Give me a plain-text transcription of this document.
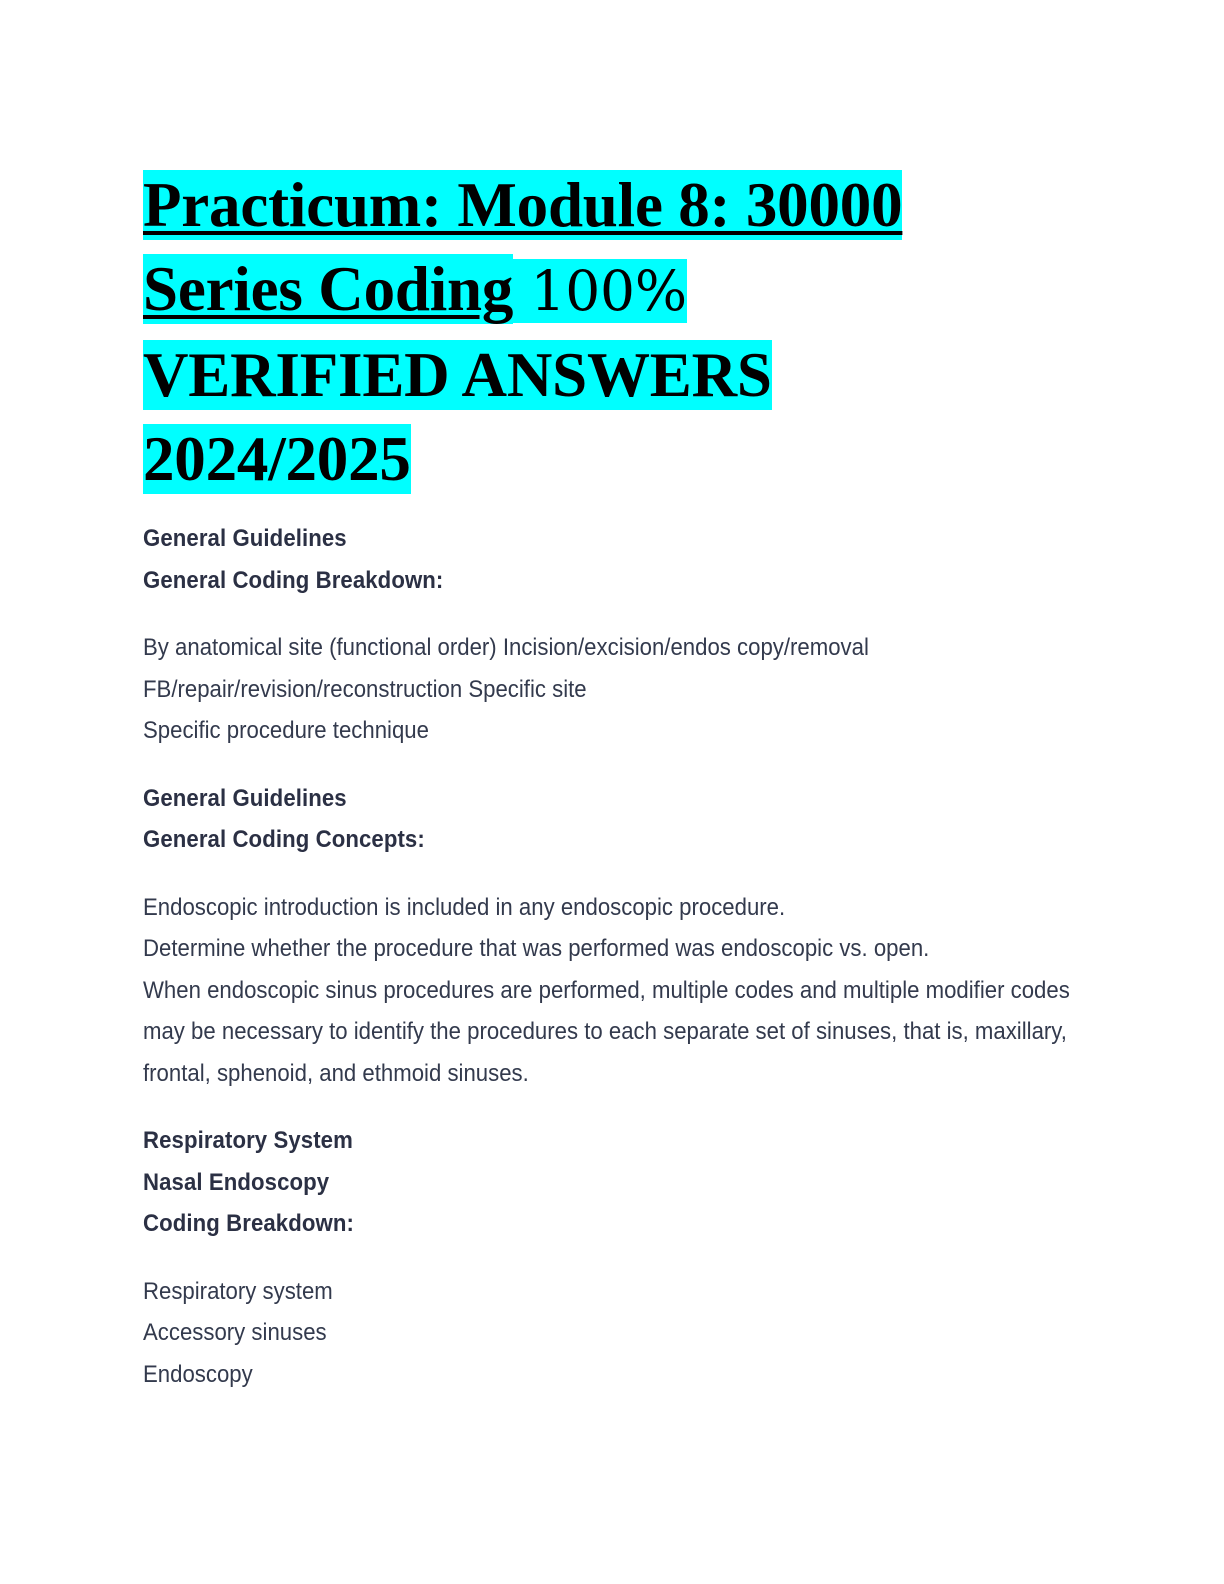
Practicum: Module 8: 30000
Series Coding 100%
VERIFIED ANSWERS
2024/2025
General Guidelines
General Coding Breakdown:
By anatomical site (functional order) Incision/excision/endos copy/removal
FB/repair/revision/reconstruction Specific site
Specific procedure technique
General Guidelines
General Coding Concepts:
Endoscopic introduction is included in any endoscopic procedure.
Determine whether the procedure that was performed was endoscopic vs. open.
When endoscopic sinus procedures are performed, multiple codes and multiple modifier codes may be necessary to identify the procedures to each separate set of sinuses, that is, maxillary, frontal, sphenoid, and ethmoid sinuses.
Respiratory System
Nasal Endoscopy
Coding Breakdown:
Respiratory system
Accessory sinuses
Endoscopy
